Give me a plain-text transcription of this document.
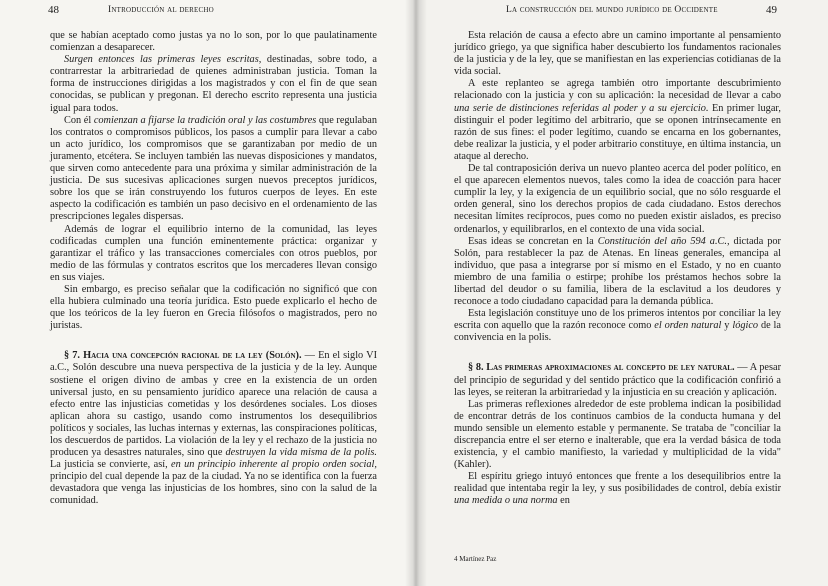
48	Introducción al derecho

que se habían aceptado como justas ya no lo son, por lo que paulatinamente comienzan a desaparecer.

Surgen entonces las primeras leyes escritas, destinadas, sobre todo, a contrarrestar la arbitrariedad de quienes administraban justicia. Toman la forma de instrucciones dirigidas a los magistrados y con el fin de que sean conocidas, se publican y pregonan. El derecho escrito representa una justicia igual para todos.

Con él comienzan a fijarse la tradición oral y las costumbres que regulaban los contratos o compromisos públicos, los pasos a cumplir para llevar a cabo un acto jurídico, los compromisos que se garantizaban por medio de un juramento, etcétera. Se incluyen también las nuevas disposiciones y mandatos, que sirven como antecedente para una próxima y similar administración de la justicia. De sus sucesivas aplicaciones surgen nuevos preceptos jurídicos, sobre los que se irán construyendo los futuros cuerpos de leyes. En este aspecto la codificación es también un paso decisivo en el ordenamiento de las prescripciones legales dispersas.

Además de lograr el equilibrio interno de la comunidad, las leyes codificadas cumplen una función eminentemente práctica: organizar y garantizar el tráfico y las transacciones comerciales con otros pueblos, por medio de las fórmulas y contratos escritos que los mercaderes llevan consigo en sus viajes.

Sin embargo, es preciso señalar que la codificación no significó que con ella hubiera culminado una teoría jurídica. Esto puede explicarlo el hecho de que los teóricos de la ley fueron en Grecia filósofos o magistrados, pero no juristas.

§ 7. Hacia una concepción racional de la ley (Solón). — En el siglo VI a.C., Solón descubre una nueva perspectiva de la justicia y de la ley. Aunque sostiene el origen divino de ambas y cree en la existencia de un orden universal justo, en su pensamiento jurídico aparece una relación de causa a efecto entre las injusticias cometidas y los desórdenes sociales. Los dioses aplican ahora su castigo, usando como instrumentos los desequilibrios políticos y sociales, las luchas internas y externas, las conspiraciones políticas, los descuerdos de partidos. La violación de la ley y el rechazo de la justicia no producen ya desastres naturales, sino que destruyen la vida misma de la polis. La justicia se convierte, así, en un principio inherente al propio orden social, principio del cual depende la paz de la ciudad. Ya no se identifica con la fuerza devastadora que venga las injusticias de los hombres, sino con la salud de la comunidad.

La construcción del mundo jurídico de Occidente	49

Esta relación de causa a efecto abre un camino importante al pensamiento jurídico griego, ya que significa haber descubierto los fundamentos racionales de la justicia y de la ley, que se manifiestan en las experiencias cotidianas de la vida social.

A este replanteo se agrega también otro importante descubrimiento relacionado con la justicia y con su aplicación: la necesidad de llevar a cabo una serie de distinciones referidas al poder y a su ejercicio. En primer lugar, distinguir el poder legítimo del arbitrario, que se oponen intrínsecamente en razón de sus fines: el poder legítimo, cuando se encarna en los gobernantes, debe realizar la justicia, y el poder arbitrario constituye, en última instancia, un ataque al derecho.

De tal contraposición deriva un nuevo planteo acerca del poder político, en el que aparecen elementos nuevos, tales como la idea de coacción para hacer cumplir la ley, y la exigencia de un equilibrio social, que no sólo resguarde el orden general, sino los derechos propios de cada ciudadano. Estos derechos necesitan límites recíprocos, pues como no pueden existir aislados, es preciso ordenarlos, y equilibrarlos, en el contexto de una vida social.

Esas ideas se concretan en la Constitución del año 594 a.C., dictada por Solón, para restablecer la paz de Atenas. En líneas generales, emancipa al individuo, que pasa a integrarse por sí mismo en el Estado, y no en cuanto miembro de una familia o estirpe; prohíbe los préstamos hechos sobre la libertad del deudor o su familia, libera de la esclavitud a los deudores y reconoce a todo ciudadano capacidad para la demanda pública.

Esta legislación constituye uno de los primeros intentos por conciliar la ley escrita con aquello que la razón reconoce como el orden natural y lógico de la convivencia en la polis.

§ 8. Las primeras aproximaciones al concepto de ley natural. — A pesar del principio de seguridad y del sentido práctico que la codificación confirió a las leyes, se reiteran la arbitrariedad y la injusticia en su creación y aplicación.

Las primeras reflexiones alrededor de este problema indican la posibilidad de encontrar detrás de los continuos cambios de la conducta humana y del mundo sensible un elemento estable y permanente. Se trataba de "conciliar la discrepancia entre el ser eterno e inalterable, que era la verdad básica de toda existencia, y el cambio manifiesto, la variedad y multiplicidad de la vida" (Kahler).

El espíritu griego intuyó entonces que frente a los desequilibrios entre la realidad que intentaba regir la ley, y sus posibilidades de control, debía existir una medida o una norma en

4 Martínez Paz
